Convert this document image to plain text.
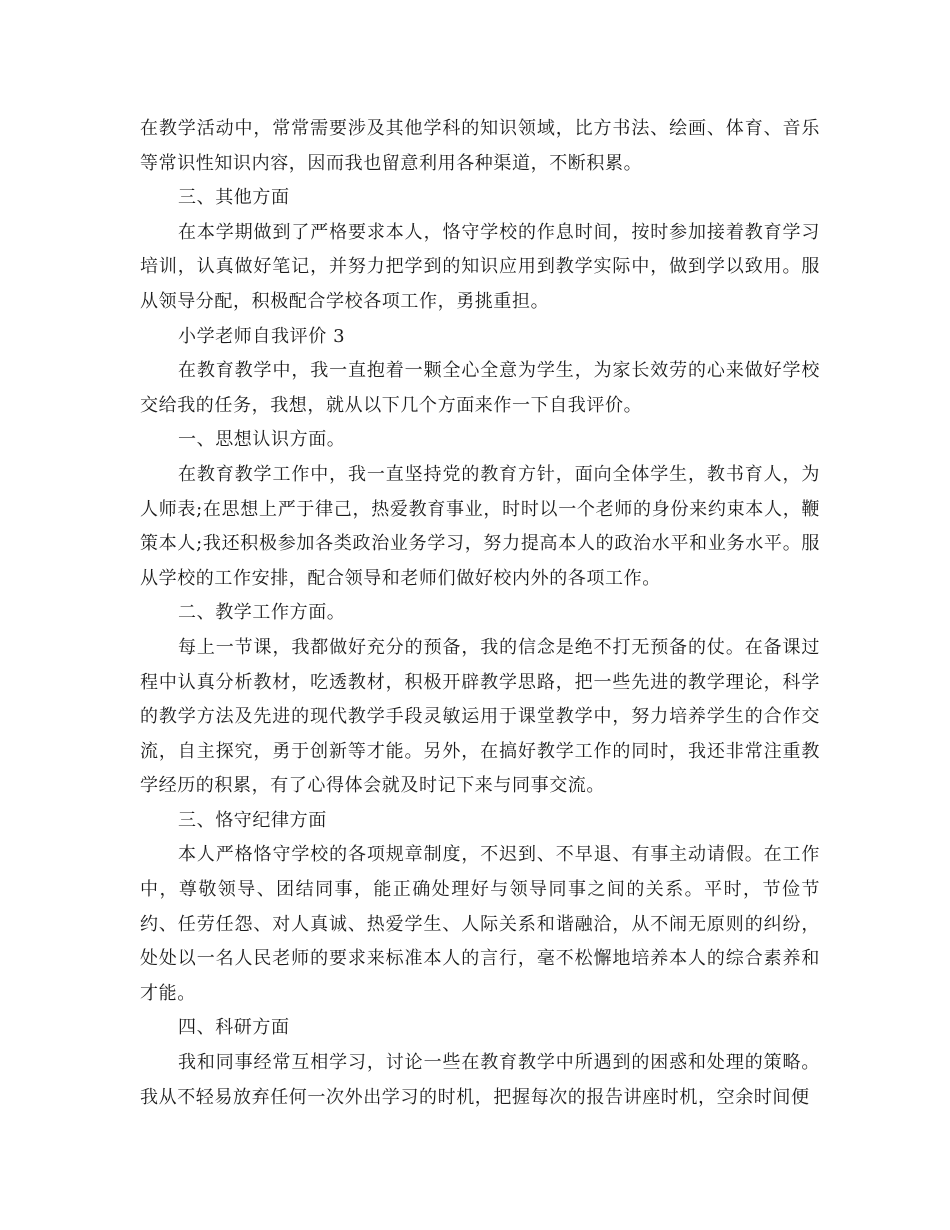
在教学活动中，常常需要涉及其他学科的知识领域，比方书法、绘画、体育、音乐等常识性知识内容，因而我也留意利用各种渠道，不断积累。

三、其他方面

在本学期做到了严格要求本人，恪守学校的作息时间，按时参加接着教育学习培训，认真做好笔记，并努力把学到的知识应用到教学实际中，做到学以致用。服从领导分配，积极配合学校各项工作，勇挑重担。

小学老师自我评价 3

在教育教学中，我一直抱着一颗全心全意为学生，为家长效劳的心来做好学校交给我的任务，我想，就从以下几个方面来作一下自我评价。

一、思想认识方面。

在教育教学工作中，我一直坚持党的教育方针，面向全体学生，教书育人，为人师表;在思想上严于律己，热爱教育事业，时时以一个老师的身份来约束本人，鞭策本人;我还积极参加各类政治业务学习，努力提高本人的政治水平和业务水平。服从学校的工作安排，配合领导和老师们做好校内外的各项工作。

二、教学工作方面。

每上一节课，我都做好充分的预备，我的信念是绝不打无预备的仗。在备课过程中认真分析教材，吃透教材，积极开辟教学思路，把一些先进的教学理论，科学的教学方法及先进的现代教学手段灵敏运用于课堂教学中，努力培养学生的合作交流，自主探究，勇于创新等才能。另外，在搞好教学工作的同时，我还非常注重教学经历的积累，有了心得体会就及时记下来与同事交流。

三、恪守纪律方面

本人严格恪守学校的各项规章制度，不迟到、不早退、有事主动请假。在工作中，尊敬领导、团结同事，能正确处理好与领导同事之间的关系。平时，节俭节约、任劳任怨、对人真诚、热爱学生、人际关系和谐融洽，从不闹无原则的纠纷，处处以一名人民老师的要求来标准本人的言行，毫不松懈地培养本人的综合素养和才能。

四、科研方面

我和同事经常互相学习，讨论一些在教育教学中所遇到的困惑和处理的策略。我从不轻易放弃任何一次外出学习的时机，把握每次的报告讲座时机，空余时间便
